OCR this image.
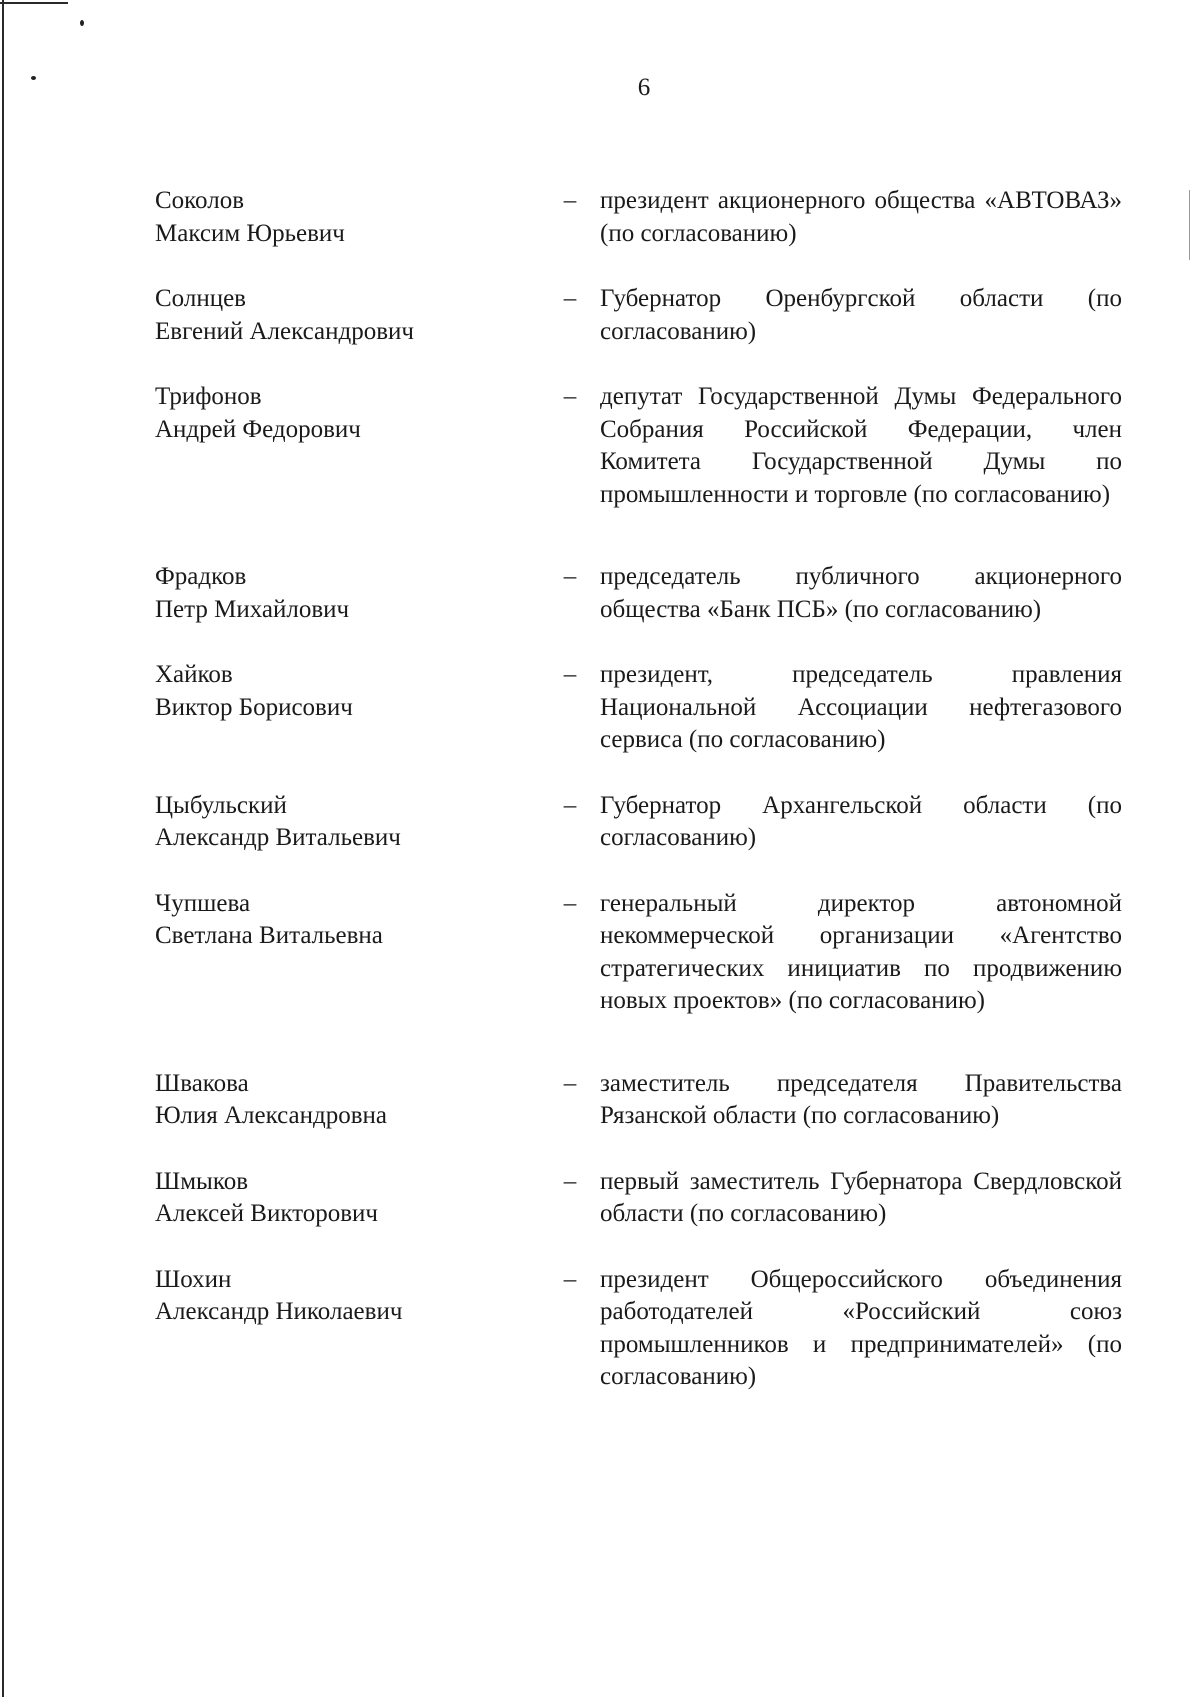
6
Соколов
Максим Юрьевич
– президент акционерного общества «АВТОВАЗ» (по согласованию)
Солнцев
Евгений Александрович
– Губернатор Оренбургской области (по согласованию)
Трифонов
Андрей Федорович
– депутат Государственной Думы Федерального Собрания Российской Федерации, член Комитета Государственной Думы по промышленности и торговле (по согласованию)
Фрадков
Петр Михайлович
– председатель публичного акционерного общества «Банк ПСБ» (по согласованию)
Хайков
Виктор Борисович
– президент, председатель правления Национальной Ассоциации нефтегазового сервиса (по согласованию)
Цыбульский
Александр Витальевич
– Губернатор Архангельской области (по согласованию)
Чупшева
Светлана Витальевна
– генеральный директор автономной некоммерческой организации «Агентство стратегических инициатив по продвижению новых проектов» (по согласованию)
Швакова
Юлия Александровна
– заместитель председателя Правительства Рязанской области (по согласованию)
Шмыков
Алексей Викторович
– первый заместитель Губернатора Свердловской области (по согласованию)
Шохин
Александр Николаевич
– президент Общероссийского объединения работодателей «Российский союз промышленников и предпринимателей» (по согласованию)
